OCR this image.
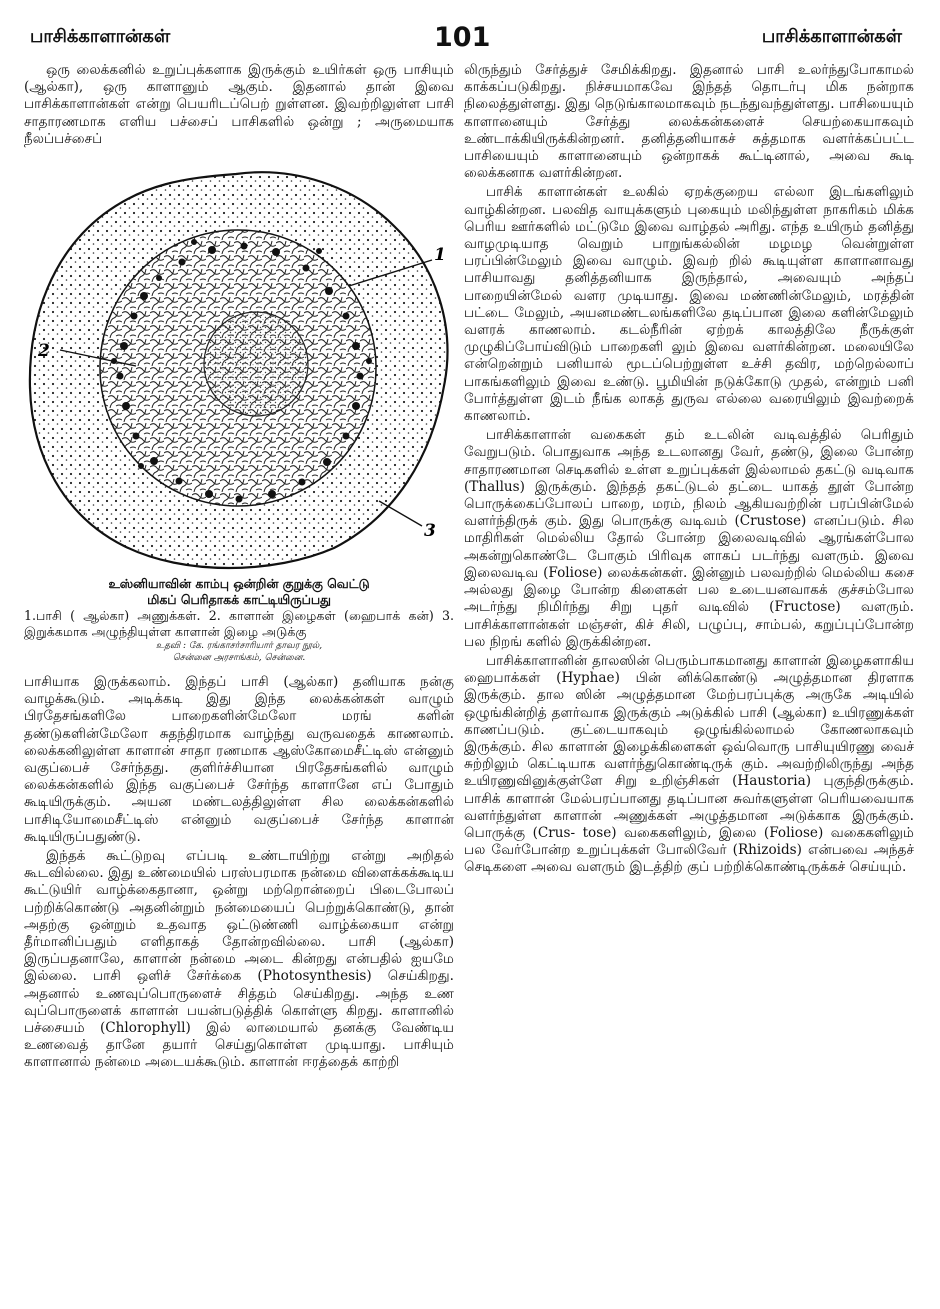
பாசிக்காளான்கள்	101	பாசிக்காளான்கள்

ஒரு லைக்கனில் உறுப்புக்களாக இருக்கும் உயிர்கள் ஒரு பாசியும் (ஆல்கா), ஒரு காளானும் ஆகும். இதனால் தான் இவை பாசிக்காளான்கள் என்று பெயரிடப்பெற் றுள்ளன. இவற்றிலுள்ள பாசி சாதாரணமாக எளிய பச்சைப் பாசிகளில் ஒன்று ; அருமையாக நீலப்பச்சைப்

1
2
3
உஸ்னியாவின் காம்பு ஒன்றின் குறுக்கு வெட்டு
மிகப் பெரிதாகக் காட்டியிருப்பது
1.பாசி ( ஆல்கா) அணுக்கள். 2. காளான் இழைகள் (ஹைபாக் கன்) 3. இறுக்கமாக அழுந்தியுள்ள காளான் இழை அடுக்கு
உதவி : கே. ரங்காசர்சாரியார் தாவர நூல்,
சென்னை அரசாங்கம், சென்னை.

பாசியாக இருக்கலாம். இந்தப் பாசி (ஆல்கா) தனியாக நன்கு வாழக்கூடும். அடிக்கடி இது இந்த லைக்கன்கள் வாழும் பிரதேசங்களிலே பாறைகளின்மேலோ மரங் களின் தண்டுகளின்மேலோ சுதந்திரமாக வாழ்ந்து வருவதைக் காணலாம். லைக்கனிலுள்ள காளான் சாதா ரணமாக ஆஸ்கோமைசீட்டிஸ் என்னும் வகுப்பைச் சேர்ந்தது. குளிர்ச்சியான பிரதேசங்களில் வாழும் லைக்கன்களில் இந்த வகுப்பைச் சேர்ந்த காளானே எப் போதும் கூடியிருக்கும். அயன மண்டலத்திலுள்ள சில லைக்கன்களில் பாசிடியோமைசீட்டிஸ் என்னும் வகுப்பைச் சேர்ந்த காளான் கூடியிருப்பதுண்டு.

இந்தக் கூட்டுறவு எப்படி உண்டாயிற்று என்று அறிதல் கூடவில்லை. இது உண்மையில் பரஸ்பரமாக நன்மை விளைக்கக்கூடிய கூட்டுயிர் வாழ்க்கைதானா, ஒன்று மற்றொன்றைப் பிடைபோலப் பற்றிக்கொண்டு அதனின்றும் நன்மையைப் பெற்றுக்கொண்டு, தான் அதற்கு ஒன்றும் உதவாத ஒட்டுண்ணி வாழ்க்கையா என்று தீர்மானிப்பதும் எளிதாகத் தோன்றவில்லை. பாசி (ஆல்கா) இருப்பதனாலே, காளான் நன்மை அடை கின்றது என்பதில் ஐயமே இல்லை. பாசி ஒளிச் சேர்க்கை (Photosynthesis) செய்கிறது. அதனால் உணவுப்பொருளைச் சித்தம் செய்கிறது. அந்த உண வுப்பொருளைக் காளான் பயன்படுத்திக் கொள்ளு கிறது. காளானில் பச்சையம் (Chlorophyll) இல் லாமையால் தனக்கு வேண்டிய உணவைத் தானே தயார் செய்துகொள்ள முடியாது. பாசியும் காளானால் நன்மை அடையக்கூடும். காளான் ஈரத்தைக் காற்றி

லிருந்தும் சேர்த்துச் சேமிக்கிறது. இதனால் பாசி உலர்ந்துபோகாமல் காக்கப்படுகிறது. நிச்சயமாகவே இந்தத் தொடர்பு மிக நன்றாக நிலைத்துள்ளது. இது நெடுங்காலமாகவும் நடந்துவந்துள்ளது. பாசியையும் காளானையும் சேர்த்து லைக்கன்களைச் செயற்கையாகவும் உண்டாக்கியிருக்கின்றனர். தனித்தனியாகச் சுத்தமாக வளர்க்கப்பட்ட பாசியையும் காளானையும் ஒன்றாகக் கூட்டினால், அவை கூடி லைக்கனாக வளர்கின்றன.

பாசிக் காளான்கள் உலகில் ஏறக்குறைய எல்லா இடங்களிலும் வாழ்கின்றன. பலவித வாயுக்களும் புகையும் மலிந்துள்ள நாகரிகம் மிக்க பெரிய ஊர்களில் மட்டுமே இவை வாழ்தல் அரிது. எந்த உயிரும் தனித்து வாழமுடியாத வெறும் பாறுங்கல்லின் மழமழ வென்றுள்ள பரப்பின்மேலும் இவை வாழும். இவற் றில் கூடியுள்ள காளானாவது பாசியாவது தனித்தனியாக இருந்தால், அவையும் அந்தப் பாறையின்மேல் வளர முடியாது. இவை மண்ணின்மேலும், மரத்தின் பட்டை மேலும், அயனமண்டலங்களிலே தடிப்பான இலை களின்மேலும் வளரக் காணலாம். கடல்நீரின் ஏற்றக் காலத்திலே நீருக்குள் முழுகிப்போய்விடும் பாறைகளி லும் இவை வளர்கின்றன. மலையிலே என்றென்றும் பனியால் மூடப்பெற்றுள்ள உச்சி தவிர, மற்றெல்லாப் பாகங்களிலும் இவை உண்டு. பூமியின் நடுக்கோடு முதல், என்றும் பனி போர்த்துள்ள இடம் நீங்க லாகத் துருவ எல்லை வரையிலும் இவற்றைக் காணலாம்.

பாசிக்காளான் வகைகள் தம் உடலின் வடிவத்தில் பெரிதும் வேறுபடும். பொதுவாக அந்த உடலானது வேர், தண்டு, இலை போன்ற சாதாரணமான செடிகளில் உள்ள உறுப்புக்கள் இல்லாமல் தகட்டு வடிவாக (Thallus) இருக்கும். இந்தத் தகட்டுடல் தட்டை யாகத் தூள் போன்ற பொருக்கைப்போலப் பாறை, மரம், நிலம் ஆகியவற்றின் பரப்பின்மேல் வளர்ந்திருக் கும். இது பொருக்கு வடிவம் (Crustose) எனப்படும். சில மாதிரிகள் மெல்லிய தோல் போன்ற இலைவடிவில் ஆரங்கள்போல அகன்றுகொண்டே போகும் பிரிவுக ளாகப் படர்ந்து வளரும். இவை இலைவடிவ (Foliose) லைக்கன்கள். இன்னும் பலவற்றில் மெல்லிய கசை அல்லது இழை போன்ற கிளைகள் பல உடையனவாகக் குச்சம்போல அடர்ந்து நிமிர்ந்து சிறு புதர் வடிவில் (Fructose) வளரும். பாசிக்காளான்கள் மஞ்சள், கிச் சிலி, பழுப்பு, சாம்பல், கறுப்புப்போன்ற பல நிறங் களில் இருக்கின்றன.

பாசிக்காளானின் தாலஸின் பெரும்பாகமானது காளான் இழைகளாகிய ஹைபாக்கள் (Hyphae) பின் னிக்கொண்டு அழுத்தமான திரளாக இருக்கும். தால ஸின் அழுத்தமான மேற்பரப்புக்கு அருகே அடியில் ஒழுங்கின்றித் தளர்வாக இருக்கும் அடுக்கில் பாசி (ஆல்கா) உயிரணுக்கள் காணப்படும். குட்டையாகவும் ஒழுங்கில்லாமல் கோணலாகவும் இருக்கும். சில காளான் இழைக்கிளைகள் ஒவ்வொரு பாசியுயிரணு வைச் சுற்றிலும் கெட்டியாக வளர்ந்துகொண்டிருக் கும். அவற்றிலிருந்து அந்த உயிரணுவினுக்குள்ளே சிறு உறிஞ்சிகள் (Haustoria) புகுந்திருக்கும். பாசிக் காளான் மேல்பரப்பானது தடிப்பான சுவர்களுள்ள பெரியவையாக வளர்ந்துள்ள காளான் அணுக்கள் அழுத்தமான அடுக்காக இருக்கும். பொருக்கு (Crus- tose) வகைகளிலும், இலை (Foliose) வகைகளிலும் பல வேர்போன்ற உறுப்புக்கள் போலிவேர் (Rhizoids) என்பவை அந்தச் செடிகளை அவை வளரும் இடத்திற் குப் பற்றிக்கொண்டிருக்கச் செய்யும்.
